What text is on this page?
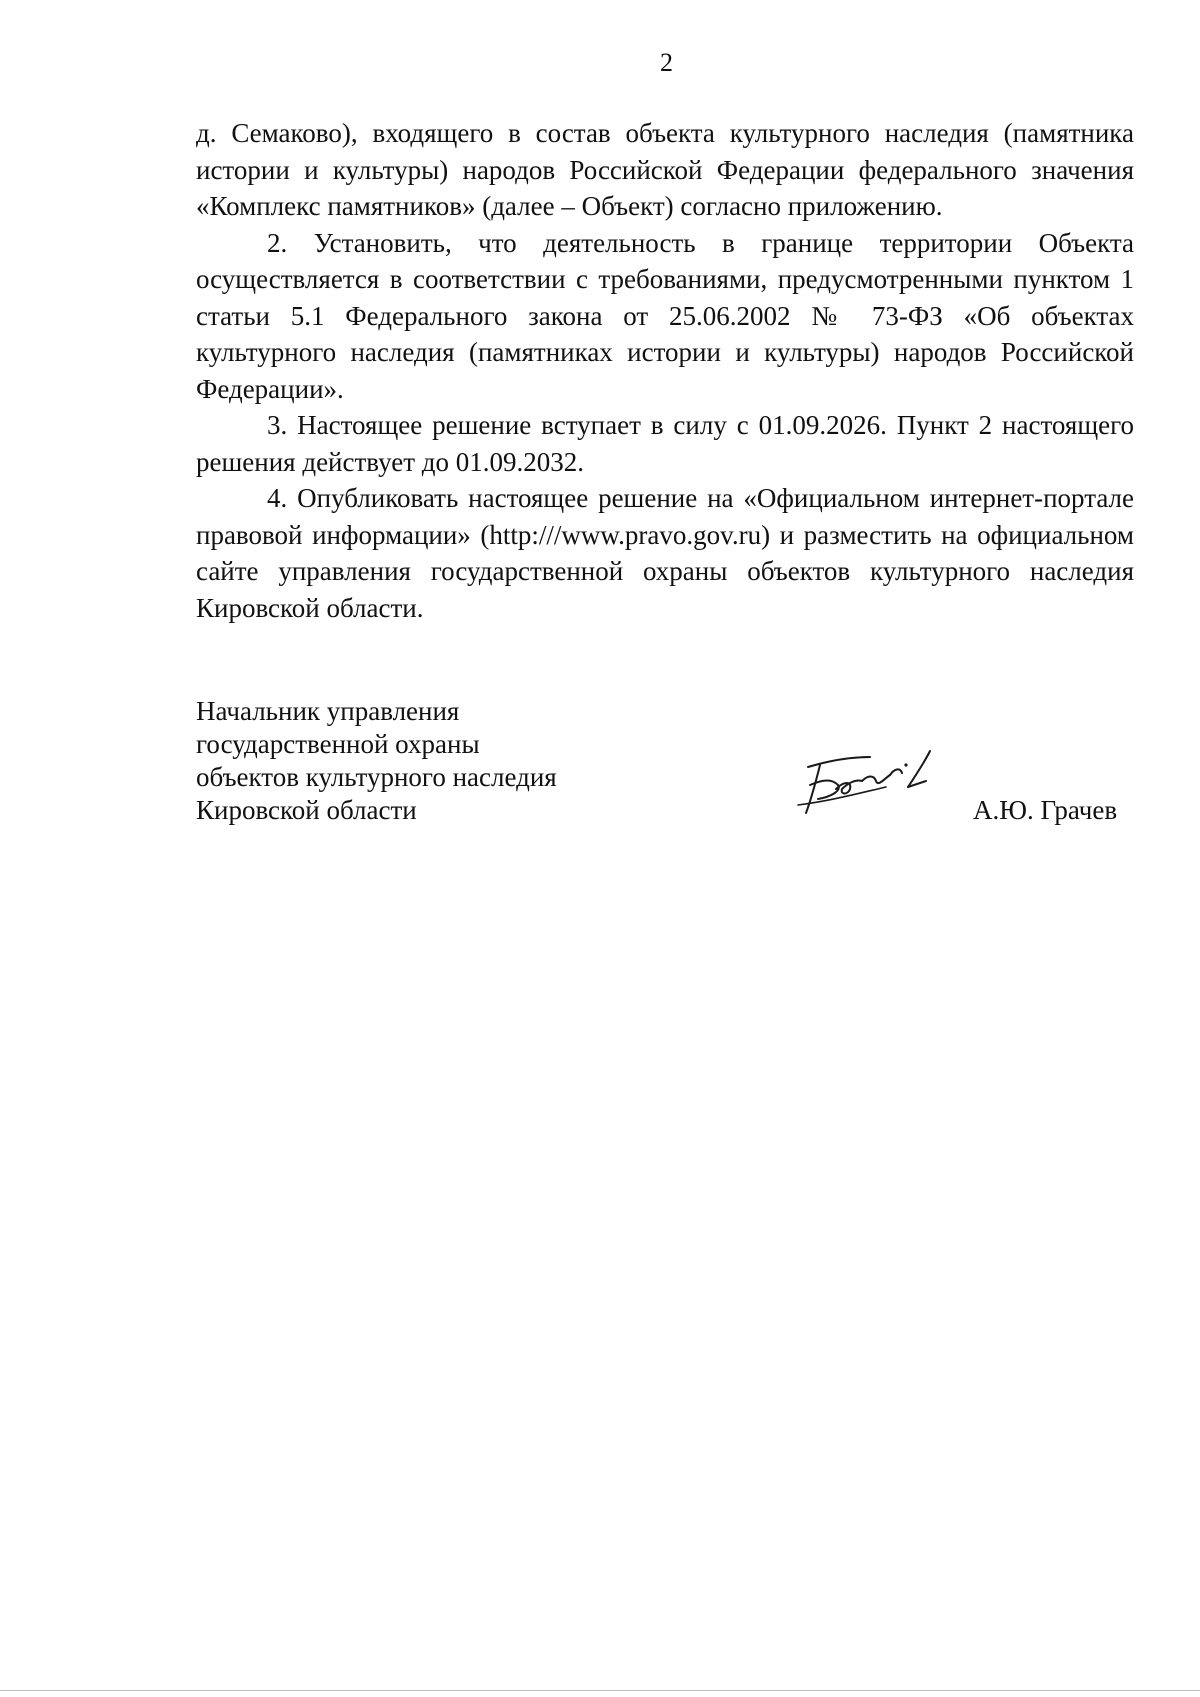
2

д. Семаково), входящего в состав объекта культурного наследия (памятника истории и культуры) народов Российской Федерации федерального значения «Комплекс памятников» (далее – Объект) согласно приложению.

2. Установить, что деятельность в границе территории Объекта осуществляется в соответствии с требованиями, предусмотренными пунктом 1 статьи 5.1 Федерального закона от 25.06.2002 № 73-ФЗ «Об объектах культурного наследия (памятниках истории и культуры) народов Российской Федерации».

3. Настоящее решение вступает в силу с 01.09.2026. Пункт 2 настоящего решения действует до 01.09.2032.

4. Опубликовать настоящее решение на «Официальном интернет-портале правовой информации» (http:///www.pravo.gov.ru) и разместить на официальном сайте управления государственной охраны объектов культурного наследия Кировской области.

Начальник управления
государственной охраны
объектов культурного наследия
Кировской области	А.Ю. Грачев
